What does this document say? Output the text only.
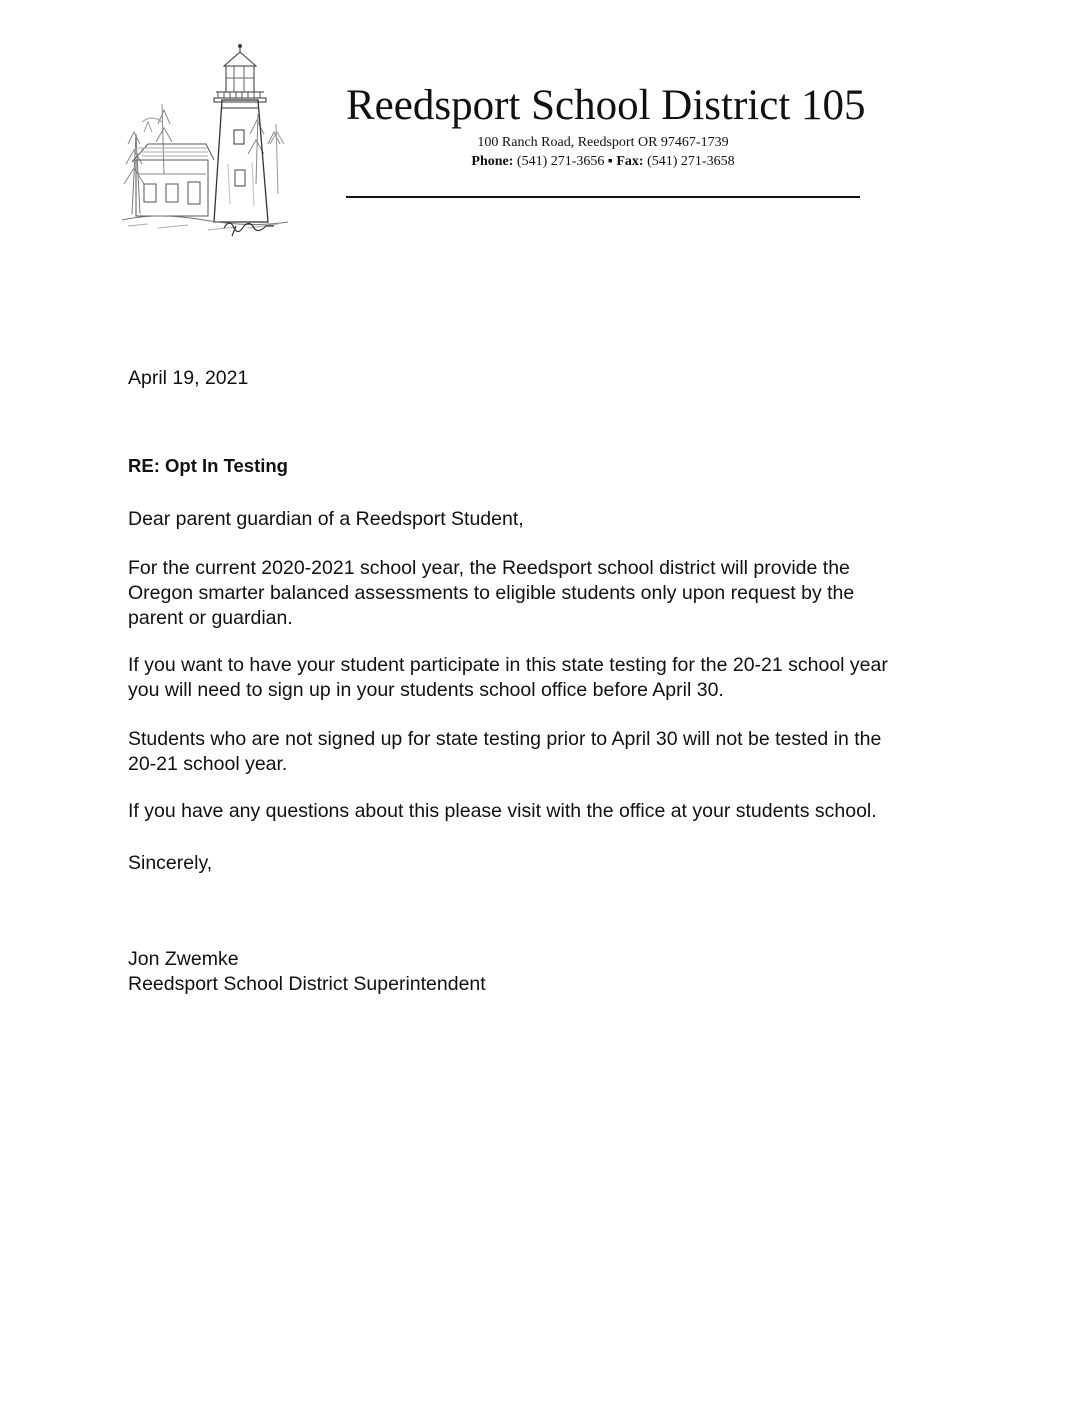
Reedsport School District 105
100 Ranch Road, Reedsport OR 97467-1739
Phone: (541) 271-3656 ▪ Fax: (541) 271-3658
April 19, 2021
RE: Opt In Testing
Dear parent guardian of a Reedsport Student,
For the current 2020-2021 school year, the Reedsport school district will provide the
Oregon smarter balanced assessments to eligible students only upon request by the
parent or guardian.
If you want to have your student participate in this state testing for the 20-21 school year
you will need to sign up in your students school office before April 30.
Students who are not signed up for state testing prior to April 30 will not be tested in the
20-21 school year.
If you have any questions about this please visit with the office at your students school.
Sincerely,
Jon Zwemke
Reedsport School District Superintendent
